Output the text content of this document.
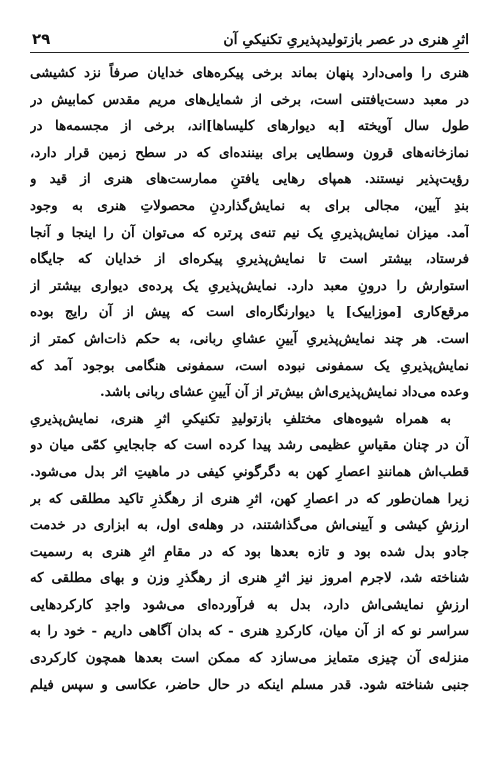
۲۹	اثرِ هنری در عصر بازتولیدپذیریِ تکنیکیِ آن
هنری را وامی‌دارد پنهان بماند برخی پیکره‌های خدایان صرفاً نزد کشیشی
در معبد دست‌یافتنی است، برخی از شمایل‌های مریم مقدس کمابیش در
طول سال آویخته [به دیوارهای کلیساها]اند، برخی از مجسمه‌ها در
نمازخانه‌های قرون وسطایی برای بیننده‌ای که در سطح زمین قرار دارد،
رؤیت‌پذیر نیستند. همپای رهایی یافتنِ ممارست‌های هنری از قید و
بندِ آیین، مجالی برای به نمایش‌گذاردنِ محصولاتِ هنری به وجود
آمد. میزان نمایش‌پذیریِ یک نیم تنه‌ی پرتره که می‌توان آن را اینجا و آنجا
فرستاد، بیشتر است تا نمایش‌پذیریِ پیکره‌ای از خدایان که جایگاه
استوارش را درونِ معبد دارد. نمایش‌پذیریِ یک پرده‌ی دیواری بیشتر از
مرقع‌کاری [موزاییک] یا دیوارنگاره‌ای است که پیش از آن رایج بوده
است. هر چند نمایش‌پذیریِ آیینِ عشایِ ربانی، به حکم ذات‌اش کمتر از
نمایش‌پذیریِ یک سمفونی نبوده است، سمفونی هنگامی بوجود آمد که
وعده می‌داد نمایش‌پذیری‌اش بیش‌تر از آن آیینِ عشای ربانی باشد.
به همراه شیوه‌های مختلفِ بازتولیدِ تکنیکیِ اثرِ هنری، نمایش‌پذیریِ
آن در چنان مقیاسِ عظیمی رشد پیدا کرده است که جابجاییِ کمّی میان دو
قطب‌اش همانندِ اعصارِ کهن به دگرگونیِ کیفی در ماهیتِ اثر بدل می‌شود.
زیرا همان‌طور که در اعصارِ کهن، اثرِ هنری از رهگذرِ تاکید مطلقی که بر
ارزشِ کیشی و آیینی‌اش می‌گذاشتند، در وهله‌ی اول، به ابزاری در خدمت
جادو بدل شده بود و تازه بعدها بود که در مقامِ اثرِ هنری به رسمیت
شناخته شد، لاجرم امروز نیز اثرِ هنری از رهگذرِ وزن و بهای مطلقی که
ارزشِ نمایشی‌اش دارد، بدل به فرآورده‌ای می‌شود واجدِ کارکردهایی
سراسر نو که از آن میان، کارکردِ هنری - که بدان آگاهی داریم - خود را به
منزله‌ی آن چیزی متمایز می‌سازد که ممکن است بعدها همچون کارکردی
جنبی شناخته شود. قدر مسلم اینکه در حال حاضر، عکاسی و سپس فیلم
